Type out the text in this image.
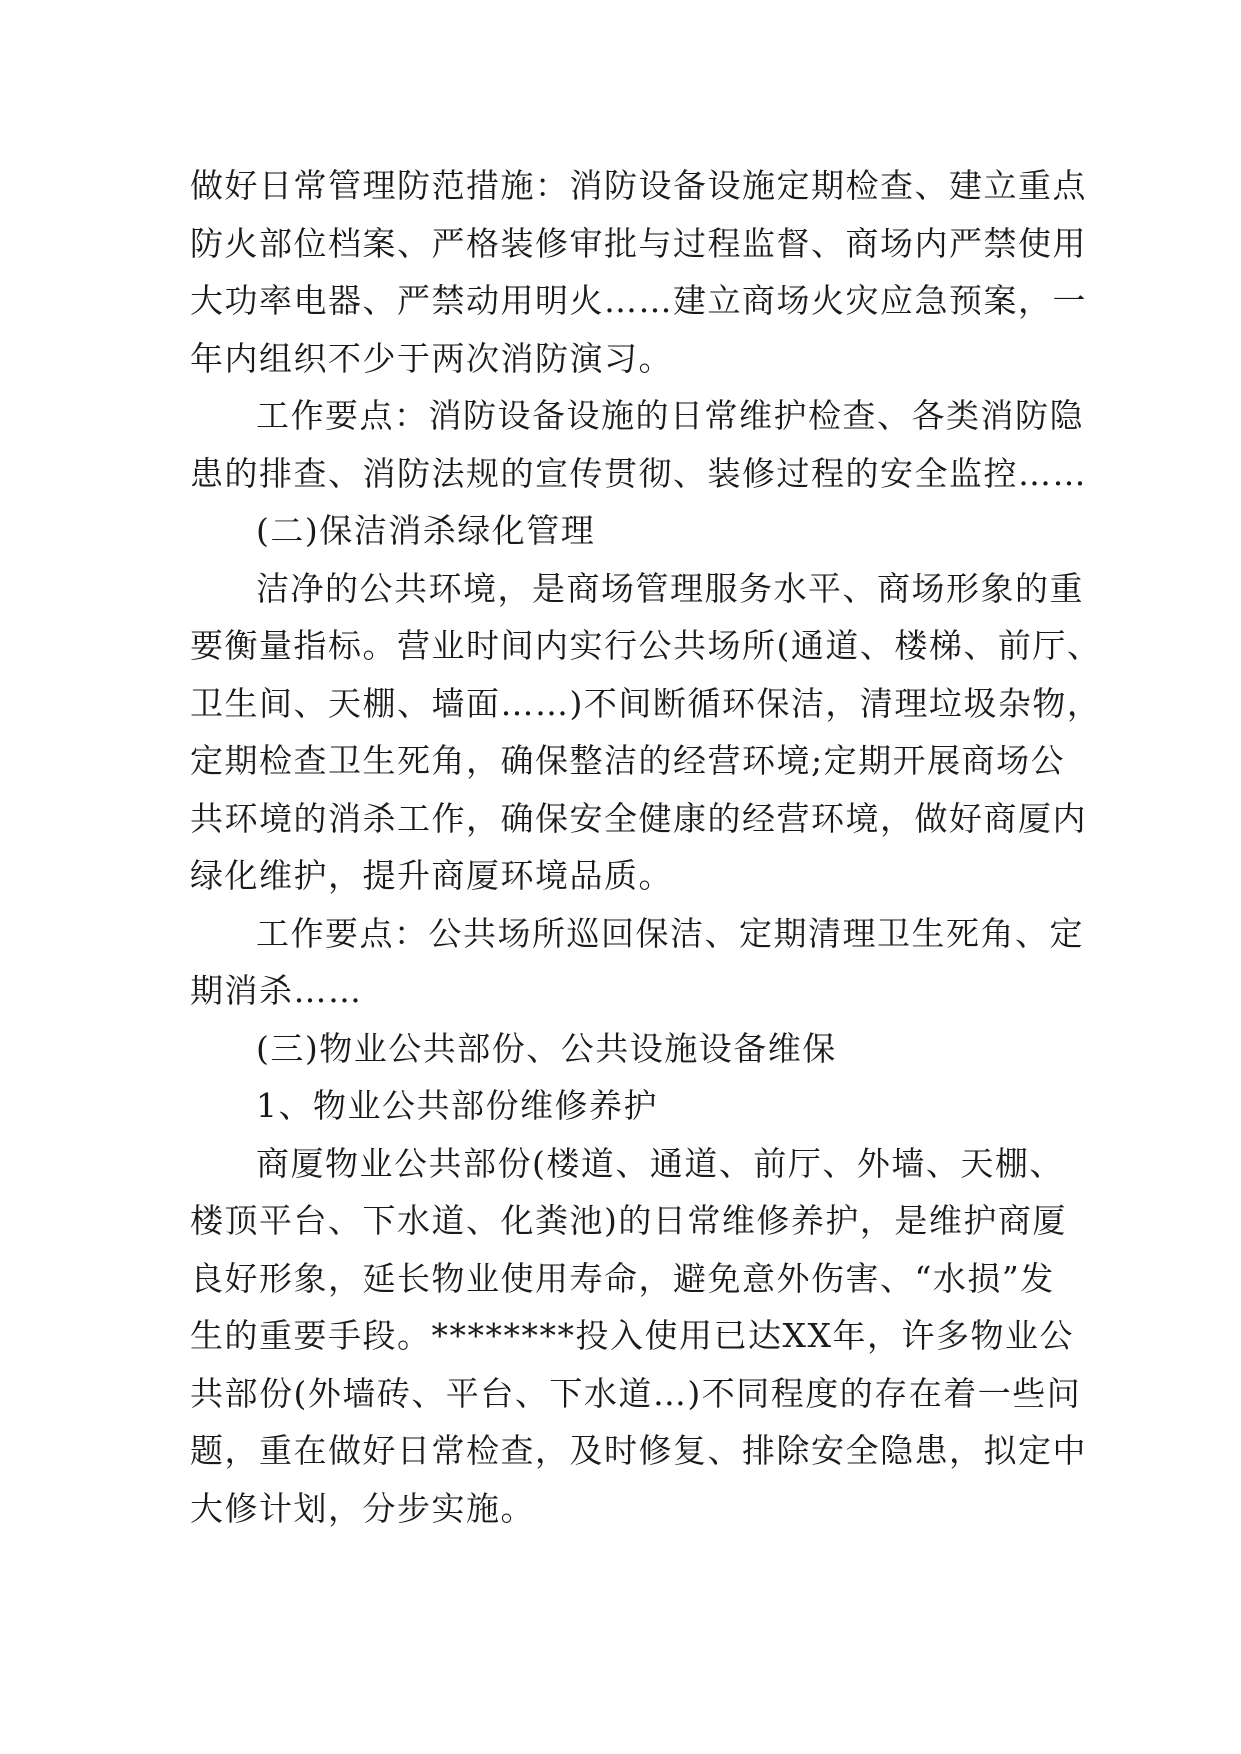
做好日常管理防范措施：消防设备设施定期检查、建立重点
防火部位档案、严格装修审批与过程监督、商场内严禁使用
大功率电器、严禁动用明火……建立商场火灾应急预案，一
年内组织不少于两次消防演习。
工作要点：消防设备设施的日常维护检查、各类消防隐
患的排查、消防法规的宣传贯彻、装修过程的安全监控……
(二)保洁消杀绿化管理
洁净的公共环境，是商场管理服务水平、商场形象的重
要衡量指标。营业时间内实行公共场所(通道、楼梯、前厅、
卫生间、天棚、墙面……)不间断循环保洁，清理垃圾杂物，
定期检查卫生死角，确保整洁的经营环境;定期开展商场公
共环境的消杀工作，确保安全健康的经营环境，做好商厦内
绿化维护，提升商厦环境品质。
工作要点：公共场所巡回保洁、定期清理卫生死角、定
期消杀……
(三)物业公共部份、公共设施设备维保
1、物业公共部份维修养护
商厦物业公共部份(楼道、通道、前厅、外墙、天棚、
楼顶平台、下水道、化粪池)的日常维修养护，是维护商厦
良好形象，延长物业使用寿命，避免意外伤害、“水损”发
生的重要手段。********投入使用已达XX年，许多物业公
共部份(外墙砖、平台、下水道…)不同程度的存在着一些问
题，重在做好日常检查，及时修复、排除安全隐患，拟定中
大修计划，分步实施。
